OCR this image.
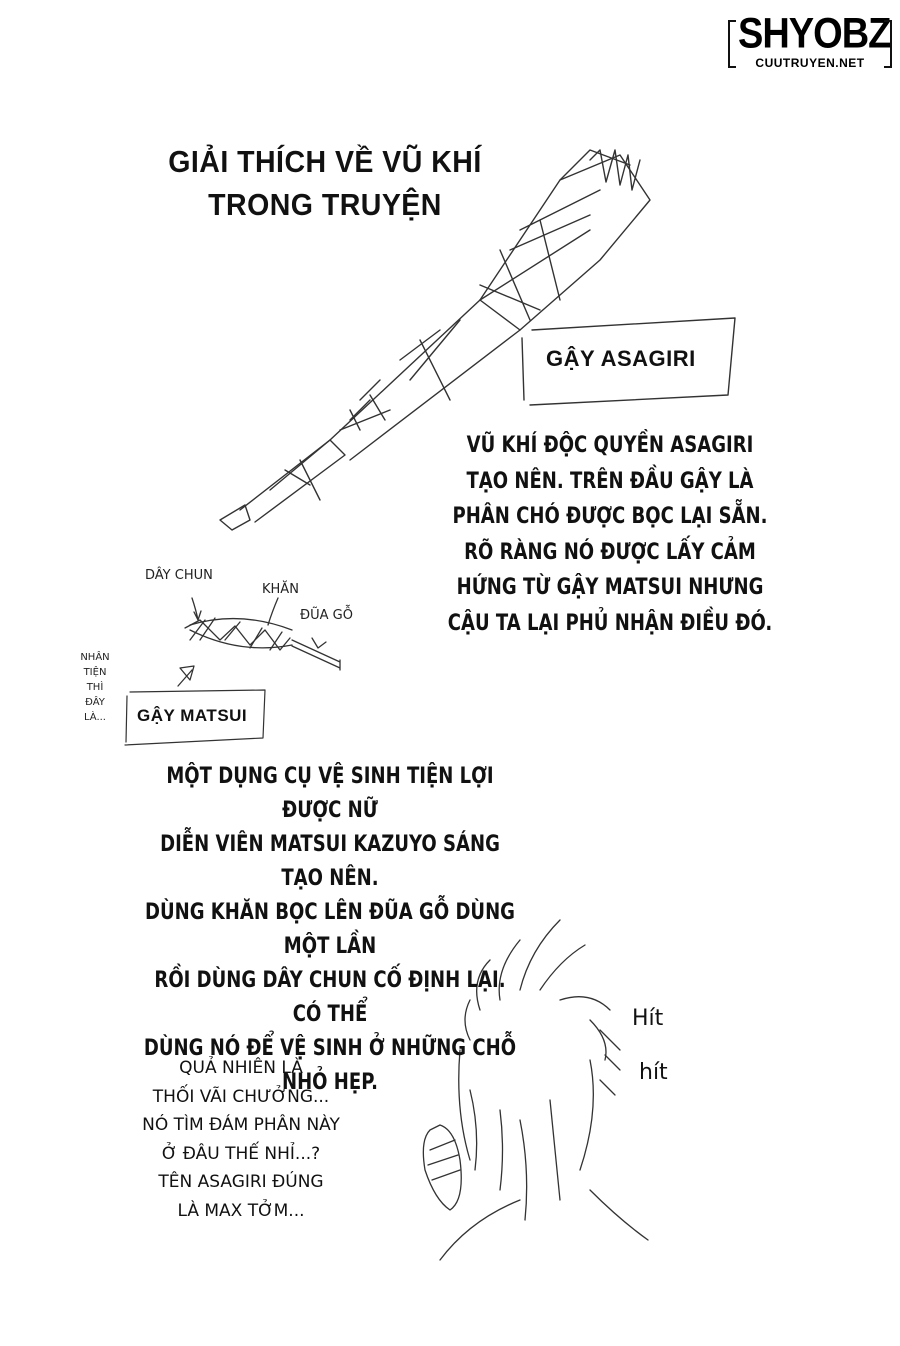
SHYOBZ
CUUTRUYEN.NET
GIẢI THÍCH VỀ VŨ KHÍ
TRONG TRUYỆN
GẬY ASAGIRI
VŨ KHÍ ĐỘC QUYỀN ASAGIRI
TẠO NÊN. TRÊN ĐẦU GẬY LÀ
PHÂN CHÓ ĐƯỢC BỌC LẠI SẴN.
RÕ RÀNG NÓ ĐƯỢC LẤY CẢM
HỨNG TỪ GẬY MATSUI NHƯNG
CẬU TA LẠI PHỦ NHẬN ĐIỀU ĐÓ.
DÂY CHUN
KHĂN
ĐŨA GỖ
NHÂN
TIỆN
THÌ
ĐÂY
LÀ...	GẬY MATSUI
MỘT DỤNG CỤ VỆ SINH TIỆN LỢI ĐƯỢC NỮ
DIỄN VIÊN MATSUI KAZUYO SÁNG TẠO NÊN.
DÙNG KHĂN BỌC LÊN ĐŨA GỖ DÙNG MỘT LẦN
RỒI DÙNG DÂY CHUN CỐ ĐỊNH LẠI. CÓ THỂ
DÙNG NÓ ĐỂ VỆ SINH Ở NHỮNG CHỖ NHỎ HẸP.
QUẢ NHIÊN LÀ
THỐI VÃI CHƯỞNG...
NÓ TÌM ĐÁM PHÂN NÀY
Ở ĐÂU THẾ NHỈ...?
TÊN ASAGIRI ĐÚNG
LÀ MAX TỞM...
Hít
hít
